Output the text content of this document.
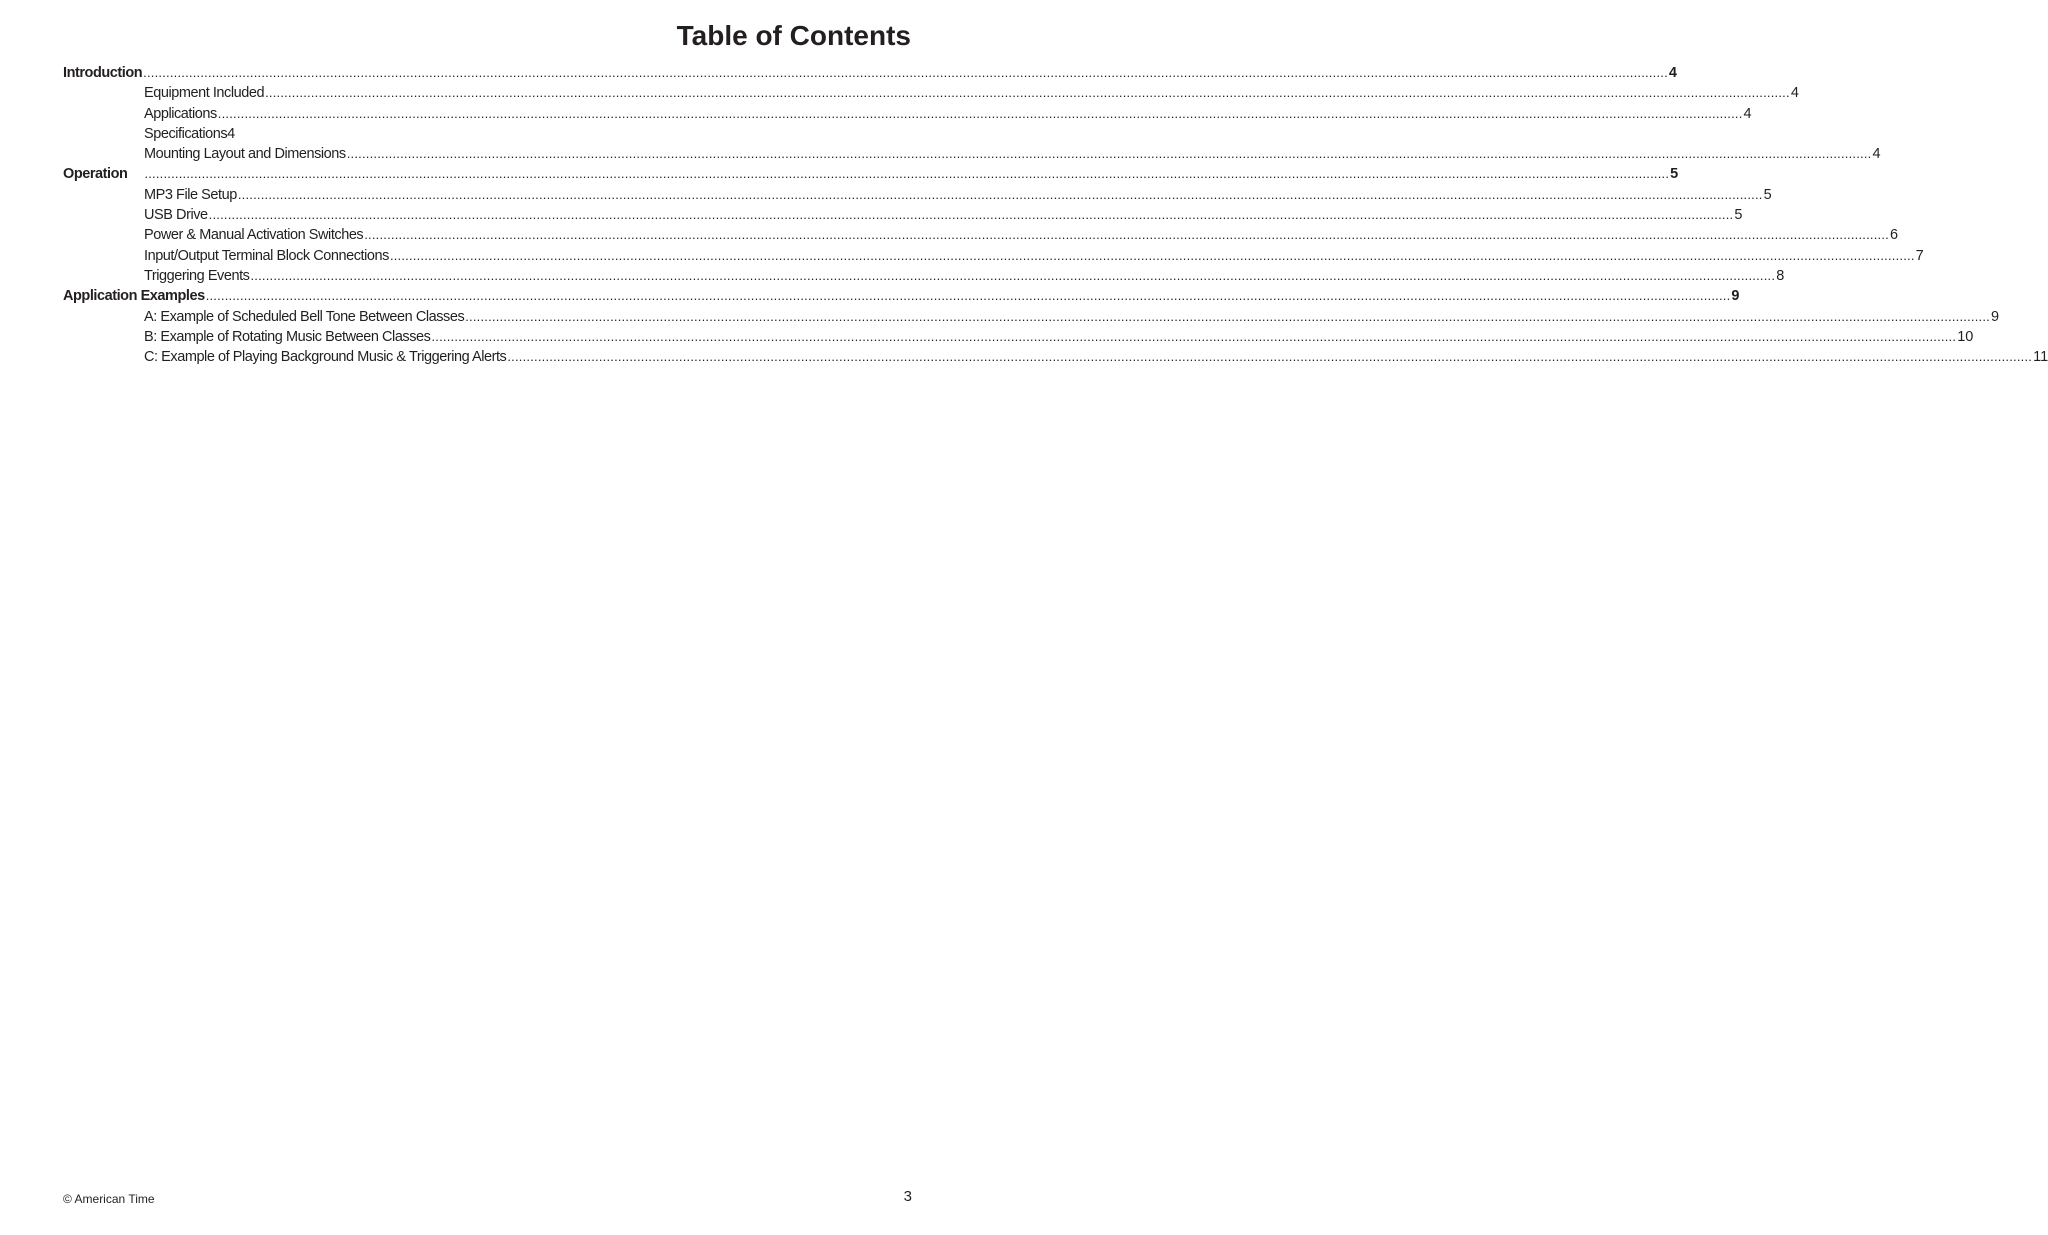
Table of Contents
Introduction ................................................................................................................................................................................................................................................................................................................................................................................................................ 4
Equipment Included ................................................................................................................................................................................................................................................................................................................................................................................................................ 4
Applications ................................................................................................................................................................................................................................................................................................................................................................................................................ 4
Specifications4
Mounting Layout and Dimensions ................................................................................................................................................................................................................................................................................................................................................................................................................ 4
Operation ................................................................................................................................................................................................................................................................................................................................................................................................................ 5
MP3 File Setup ................................................................................................................................................................................................................................................................................................................................................................................................................ 5
USB Drive ................................................................................................................................................................................................................................................................................................................................................................................................................ 5
Power & Manual Activation Switches ................................................................................................................................................................................................................................................................................................................................................................................................................ 6
Input/Output Terminal Block Connections ................................................................................................................................................................................................................................................................................................................................................................................................................ 7
Triggering Events ................................................................................................................................................................................................................................................................................................................................................................................................................ 8
Application Examples ................................................................................................................................................................................................................................................................................................................................................................................................................ 9
A: Example of Scheduled Bell Tone Between Classes ................................................................................................................................................................................................................................................................................................................................................................................................................ 9
B: Example of Rotating Music Between Classes ................................................................................................................................................................................................................................................................................................................................................................................................................ 10
C: Example of Playing Background Music & Triggering Alerts ................................................................................................................................................................................................................................................................................................................................................................................................................ 11
© American Time	3
